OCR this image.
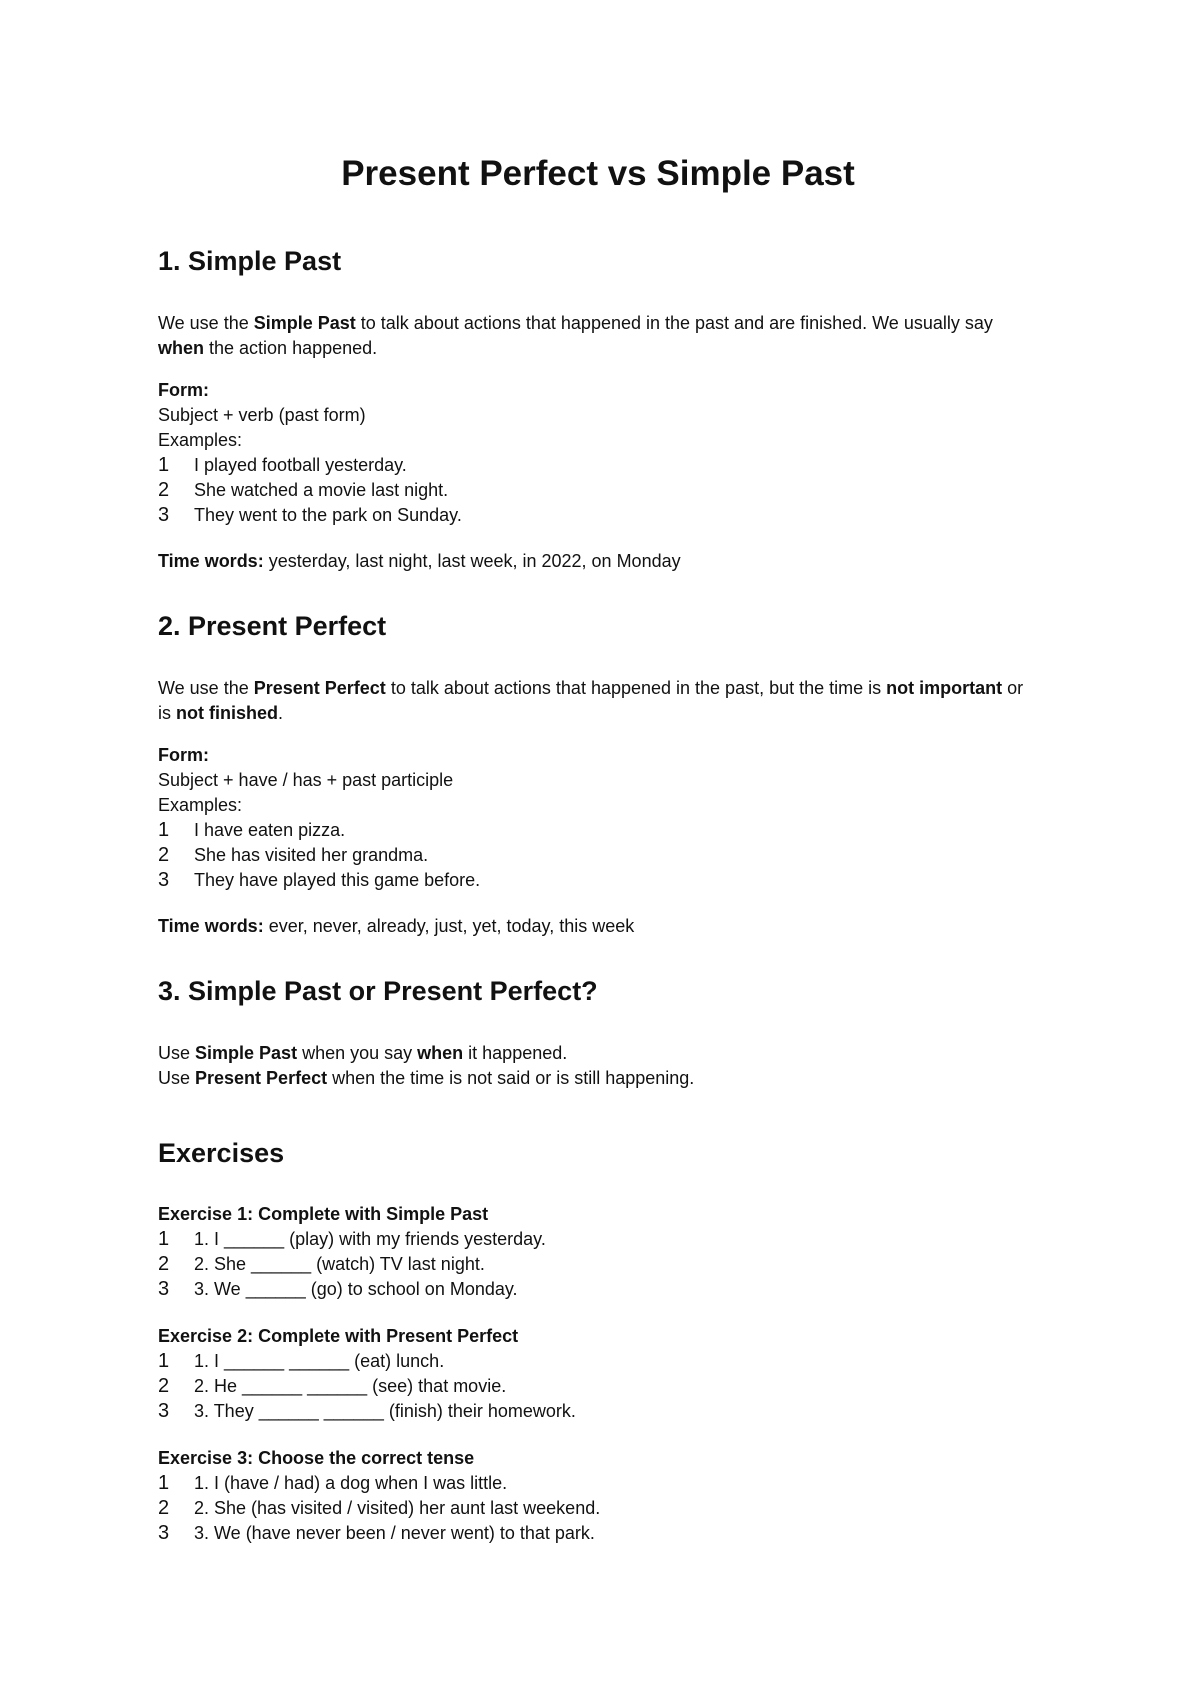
Present Perfect vs Simple Past
1. Simple Past

We use the Simple Past to talk about actions that happened in the past and are finished. We usually say when the action happened.

Form:
Subject + verb (past form)
Examples:
1 I played football yesterday.
2 She watched a movie last night.
3 They went to the park on Sunday.
Time words: yesterday, last night, last week, in 2022, on Monday
2. Present Perfect

We use the Present Perfect to talk about actions that happened in the past, but the time is not important or is not finished.

Form:
Subject + have / has + past participle
Examples:
1 I have eaten pizza.
2 She has visited her grandma.
3 They have played this game before.
Time words: ever, never, already, just, yet, today, this week
3. Simple Past or Present Perfect?
Use Simple Past when you say when it happened.
Use Present Perfect when the time is not said or is still happening.
Exercises
Exercise 1: Complete with Simple Past
1 1. I ______ (play) with my friends yesterday.
2 2. She ______ (watch) TV last night.
3 3. We ______ (go) to school on Monday.
Exercise 2: Complete with Present Perfect
1 1. I ______ ______ (eat) lunch.
2 2. He ______ ______ (see) that movie.
3 3. They ______ ______ (finish) their homework.
Exercise 3: Choose the correct tense
1 1. I (have / had) a dog when I was little.
2 2. She (has visited / visited) her aunt last weekend.
3 3. We (have never been / never went) to that park.
